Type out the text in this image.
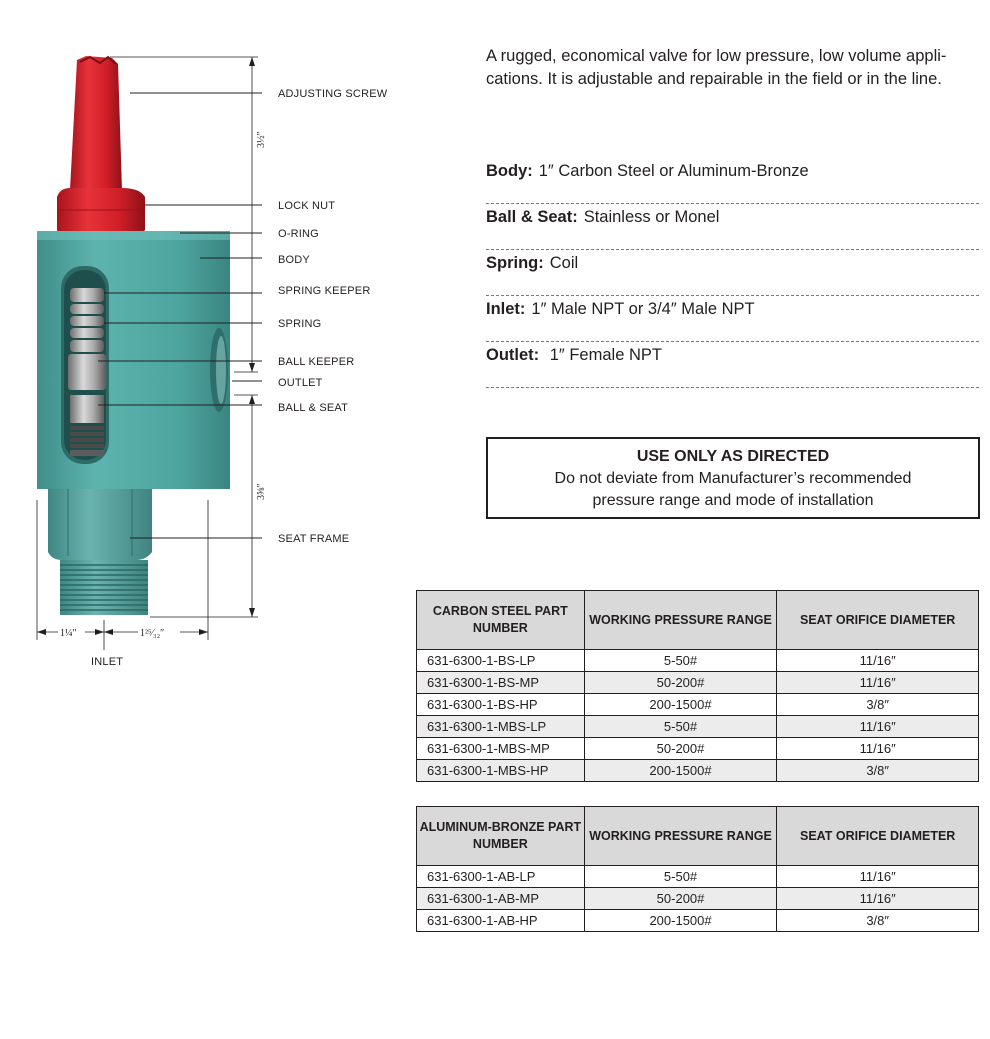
ADJUSTING SCREW
LOCK NUT
O-RING
BODY
SPRING KEEPER
SPRING
BALL KEEPER
OUTLET
BALL & SEAT
SEAT FRAME
INLET
3½″
3⅝″
1¼″	1²⁵⁄₃₂″

A rugged, economical valve for low pressure, low volume appli-cations. It is adjustable and repairable in the field or in the line.

Body: 1″ Carbon Steel or Aluminum-Bronze
Ball & Seat: Stainless or Monel
Spring: Coil
Inlet: 1″ Male NPT or 3/4″ Male NPT
Outlet: 1″ Female NPT
USE ONLY AS DIRECTED
Do not deviate from Manufacturer’s recommended pressure range and mode of installation
CARBON STEEL PART NUMBER	WORKING PRESSURE RANGE	SEAT ORIFICE DIAMETER
631-6300-1-BS-LP	5-50#	11/16″
631-6300-1-BS-MP	50-200#	11/16″
631-6300-1-BS-HP	200-1500#	3/8″
631-6300-1-MBS-LP	5-50#	11/16″
631-6300-1-MBS-MP	50-200#	11/16″
631-6300-1-MBS-HP	200-1500#	3/8″
ALUMINUM-BRONZE PART NUMBER	WORKING PRESSURE RANGE	SEAT ORIFICE DIAMETER
631-6300-1-AB-LP	5-50#	11/16″
631-6300-1-AB-MP	50-200#	11/16″
631-6300-1-AB-HP	200-1500#	3/8″
